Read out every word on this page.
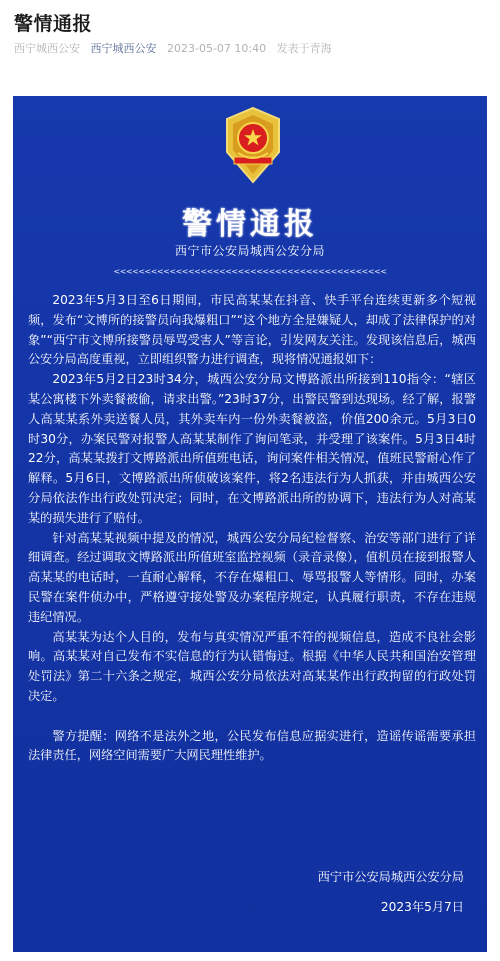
警情通报
西宁城西公安 西宁城西公安 2023-05-07 10:40 发表于青海
警情通报
西宁市公安局城西公安分局
<<<<<<<<<<<<<<<<<<<<<<<<<<<<<<<<<<<<<<<<<<<<

2023年5月3日至6日期间，市民高某某在抖音、快手平台连续更新多个短视频，发布“文博所的接警员向我爆粗口”“这个地方全是嫌疑人，却成了法律保护的对象”“西宁市文博所接警员辱骂受害人”等言论，引发网友关注。发现该信息后，城西公安分局高度重视，立即组织警力进行调查，现将情况通报如下：

2023年5月2日23时34分，城西公安分局文博路派出所接到110指令：“辖区某公寓楼下外卖餐被偷，请求出警。”23时37分，出警民警到达现场。经了解，报警人高某某系外卖送餐人员，其外卖车内一份外卖餐被盗，价值200余元。5月3日0时30分，办案民警对报警人高某某制作了询问笔录，并受理了该案件。5月3日4时22分，高某某拨打文博路派出所值班电话，询问案件相关情况，值班民警耐心作了解释。5月6日，文博路派出所侦破该案件，将2名违法行为人抓获，并由城西公安分局依法作出行政处罚决定；同时，在文博路派出所的协调下，违法行为人对高某某的损失进行了赔付。

针对高某某视频中提及的情况，城西公安分局纪检督察、治安等部门进行了详细调查。经过调取文博路派出所值班室监控视频（录音录像），值机员在接到报警人高某某的电话时，一直耐心解释，不存在爆粗口、辱骂报警人等情形。同时，办案民警在案件侦办中，严格遵守接处警及办案程序规定，认真履行职责，不存在违规违纪情况。

高某某为达个人目的，发布与真实情况严重不符的视频信息，造成不良社会影响。高某某对自己发布不实信息的行为认错悔过。根据《中华人民共和国治安管理处罚法》第二十六条之规定，城西公安分局依法对高某某作出行政拘留的行政处罚决定。

警方提醒：网络不是法外之地，公民发布信息应据实进行，造谣传谣需要承担法律责任，网络空间需要广大网民理性维护。

西宁市公安局城西公安分局
2023年5月7日
